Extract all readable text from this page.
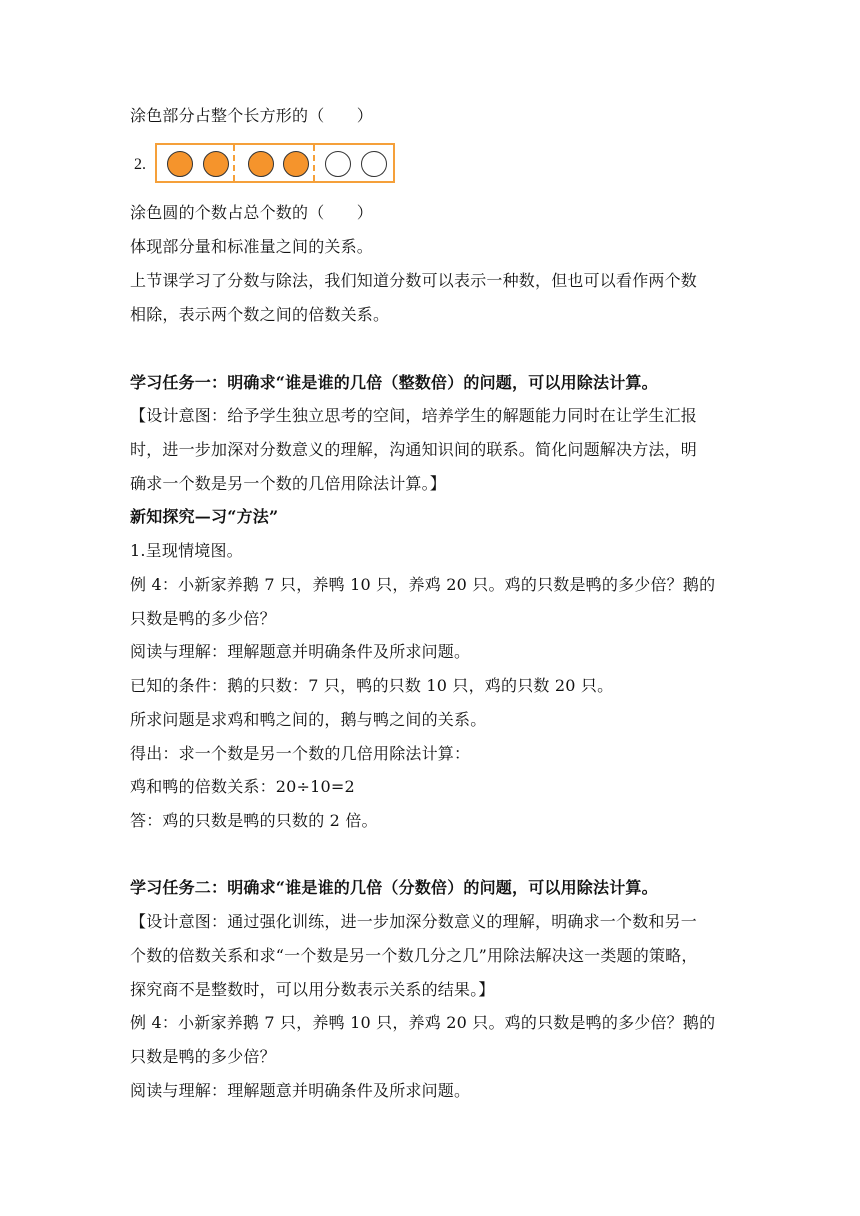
涂色部分占整个长方形的（　　）
2.
涂色圆的个数占总个数的（　　）
体现部分量和标准量之间的关系。
上节课学习了分数与除法，我们知道分数可以表示一种数，但也可以看作两个数
相除，表示两个数之间的倍数关系。
学习任务一：明确求“谁是谁的几倍（整数倍）的问题，可以用除法计算。
【设计意图：给予学生独立思考的空间，培养学生的解题能力同时在让学生汇报
时，进一步加深对分数意义的理解，沟通知识间的联系。简化问题解决方法，明
确求一个数是另一个数的几倍用除法计算。】
新知探究—习“方法”
1.呈现情境图。
例 4：小新家养鹅 7 只，养鸭 10 只，养鸡 20 只。鸡的只数是鸭的多少倍？鹅的
只数是鸭的多少倍？
阅读与理解：理解题意并明确条件及所求问题。
已知的条件：鹅的只数：7 只，鸭的只数 10 只，鸡的只数 20 只。
所求问题是求鸡和鸭之间的，鹅与鸭之间的关系。
得出：求一个数是另一个数的几倍用除法计算：
鸡和鸭的倍数关系：20÷10=2
答：鸡的只数是鸭的只数的 2 倍。
学习任务二：明确求“谁是谁的几倍（分数倍）的问题，可以用除法计算。
【设计意图：通过强化训练，进一步加深分数意义的理解，明确求一个数和另一
个数的倍数关系和求“一个数是另一个数几分之几”用除法解决这一类题的策略，
探究商不是整数时，可以用分数表示关系的结果。】
例 4：小新家养鹅 7 只，养鸭 10 只，养鸡 20 只。鸡的只数是鸭的多少倍？鹅的
只数是鸭的多少倍？
阅读与理解：理解题意并明确条件及所求问题。
